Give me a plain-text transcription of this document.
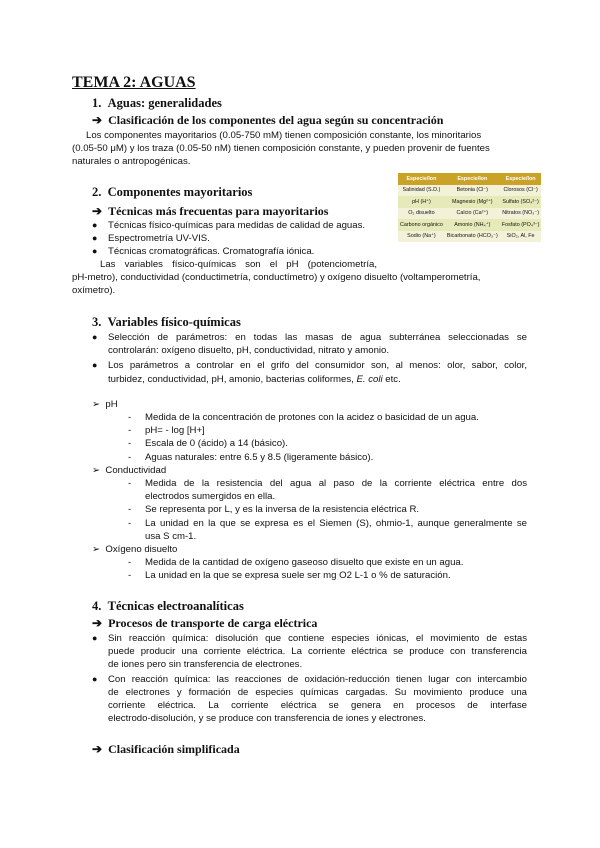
TEMA 2: AGUAS
1. Aguas: generalidades
➔ Clasificación de los componentes del agua según su concentración
Los componentes mayoritarios (0.05-750 mM) tienen composición constante, los minoritarios
(0.05-50 μM) y los traza (0.05-50 nM) tienen composición constante, y pueden provenir de fuentes
naturales o antropogénicas.
2. Componentes mayoritarios
➔ Técnicas más frecuentas para mayoritarios
● Técnicas físico-químicas para medidas de calidad de aguas.
● Espectrometría UV-VIS.
● Técnicas cromatográficas. Cromatografía iónica.
Las variables físico-químicas son el pH (potenciometría,
pH-metro), conductividad (conductimetría, conductímetro) y oxígeno disuelto (voltamperometría,
oxímetro).
Especie/Ion	Especie/Ion	Especie/Ion
Salinidad (S.D.)	Betonia (Cl⁻)	Clorosos (Cl⁻)
pH (H⁺)	Magnesio (Mg²⁺)	Sulfato (SO₄²⁻)
O₂ disuelto	Calcio (Ca²⁺)	Nitratos (NO₃⁻)
Carbono orgánico	Amonio (NH₄⁺)	Fosfato (PO₄³⁻)
Sodio (Na⁺)	Bicarbonato (HCO₃⁻)	SiO₂, Al, Fe
3. Variables físico-químicas
● Selección de parámetros: en todas las masas de agua subterránea seleccionadas se
controlarán: oxígeno disuelto, pH, conductividad, nitrato y amonio.
● Los parámetros a controlar en el grifo del consumidor son, al menos: olor, sabor, color,
turbidez, conductividad, pH, amonio, bacterias coliformes, E. coli etc.
➢ pH
- Medida de la concentración de protones con la acidez o basicidad de un agua.
- pH= - log [H+]
- Escala de 0 (ácido) a 14 (básico).
- Aguas naturales: entre 6.5 y 8.5 (ligeramente básico).
➢ Conductividad
- Medida de la resistencia del agua al paso de la corriente eléctrica entre dos
electrodos sumergidos en ella.
- Se representa por L, y es la inversa de la resistencia eléctrica R.
- La unidad en la que se expresa es el Siemen (S), ohmio-1, aunque generalmente se
usa S cm-1.
➢ Oxígeno disuelto
- Medida de la cantidad de oxígeno gaseoso disuelto que existe en un agua.
- La unidad en la que se expresa suele ser mg O2 L-1 o % de saturación.
4. Técnicas electroanalíticas
➔ Procesos de transporte de carga eléctrica
● Sin reacción química: disolución que contiene especies iónicas, el movimiento de estas
puede producir una corriente eléctrica. La corriente eléctrica se produce con transferencia
de iones pero sin transferencia de electrones.
● Con reacción química: las reacciones de oxidación-reducción tienen lugar con intercambio
de electrones y formación de especies químicas cargadas. Su movimiento produce una
corriente eléctrica. La corriente eléctrica se genera en procesos de interfase
electrodo-disolución, y se produce con transferencia de iones y electrones.
➔ Clasificación simplificada
